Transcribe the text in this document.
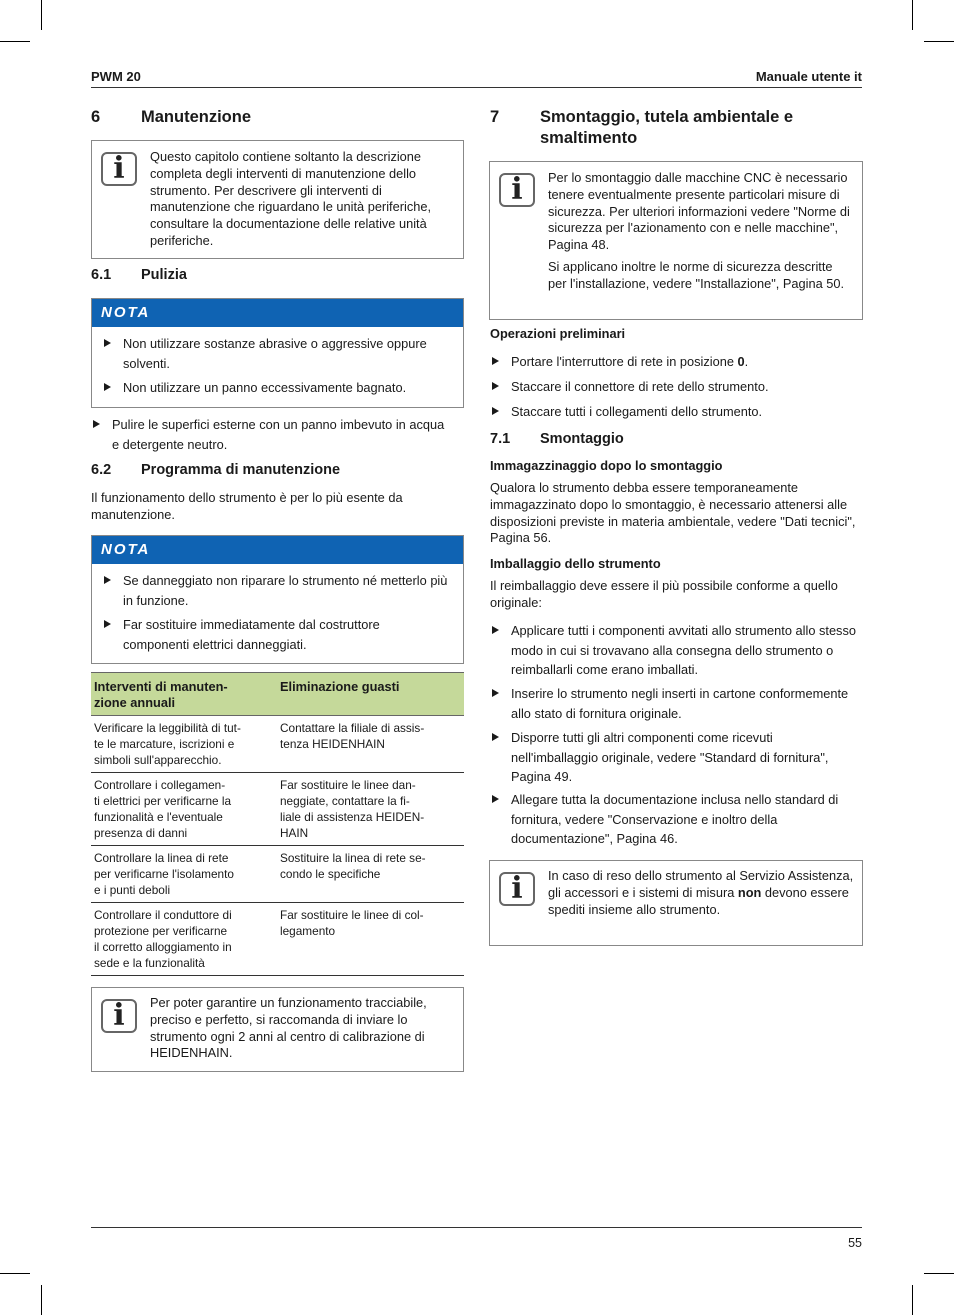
PWM 20	Manuale utente it
6 Manutenzione
i	Questo capitolo contiene soltanto la descrizione completa degli interventi di manutenzione dello strumento. Per descrivere gli interventi di manutenzione che riguardano le unità periferiche, consultare la documentazione delle relative unità periferiche.
6.1 Pulizia
NOTA
Non utilizzare sostanze abrasive o aggressive oppure solventi.
Non utilizzare un panno eccessivamente bagnato.
Pulire le superfici esterne con un panno imbevuto in acqua e detergente neutro.
6.2 Programma di manutenzione
Il funzionamento dello strumento è per lo più esente da manutenzione.
NOTA
Se danneggiato non riparare lo strumento né metterlo più in funzione.
Far sostituire immediatamente dal costruttore componenti elettrici danneggiati.
Interventi di manuten-
zione annuali	Eliminazione guasti
Verificare la leggibilità di tut-
te le marcature, iscrizioni e
simboli sull'apparecchio.	Contattare la filiale di assis-
tenza HEIDENHAIN
Controllare i collegamen-
ti elettrici per verificarne la
funzionalità e l'eventuale
presenza di danni	Far sostituire le linee dan-
neggiate, contattare la fi-
liale di assistenza HEIDEN-
HAIN
Controllare la linea di rete
per verificarne l'isolamento
e i punti deboli	Sostituire la linea di rete se-
condo le specifiche
Controllare il conduttore di
protezione per verificarne
il corretto alloggiamento in
sede e la funzionalità	Far sostituire le linee di col-
legamento
i	Per poter garantire un funzionamento tracciabile, preciso e perfetto, si raccomanda di inviare lo strumento ogni 2 anni al centro di calibrazione di HEIDENHAIN.
7 Smontaggio, tutela ambientale e smaltimento
i	Per lo smontaggio dalle macchine CNC è necessario tenere eventualmente presente particolari misure di sicurezza. Per ulteriori informazioni vedere "Norme di sicurezza per l'azionamento con e nelle macchine", Pagina 48.
Si applicano inoltre le norme di sicurezza descritte per l'installazione, vedere "Installazione", Pagina 50.
Operazioni preliminari
Portare l'interruttore di rete in posizione 0.
Staccare il connettore di rete dello strumento.
Staccare tutti i collegamenti dello strumento.
7.1 Smontaggio
Immagazzinaggio dopo lo smontaggio
Qualora lo strumento debba essere temporaneamente immagazzinato dopo lo smontaggio, è necessario attenersi alle disposizioni previste in materia ambientale, vedere "Dati tecnici", Pagina 56.
Imballaggio dello strumento
Il reimballaggio deve essere il più possibile conforme a quello originale:
Applicare tutti i componenti avvitati allo strumento allo stesso modo in cui si trovavano alla consegna dello strumento o reimballarli come erano imballati.
Inserire lo strumento negli inserti in cartone conformemente allo stato di fornitura originale.
Disporre tutti gli altri componenti come ricevuti nell'imballaggio originale, vedere "Standard di fornitura", Pagina 49.
Allegare tutta la documentazione inclusa nello standard di fornitura, vedere "Conservazione e inoltro della documentazione", Pagina 46.
i	In caso di reso dello strumento al Servizio Assistenza, gli accessori e i sistemi di misura non devono essere spediti insieme allo strumento.
55
